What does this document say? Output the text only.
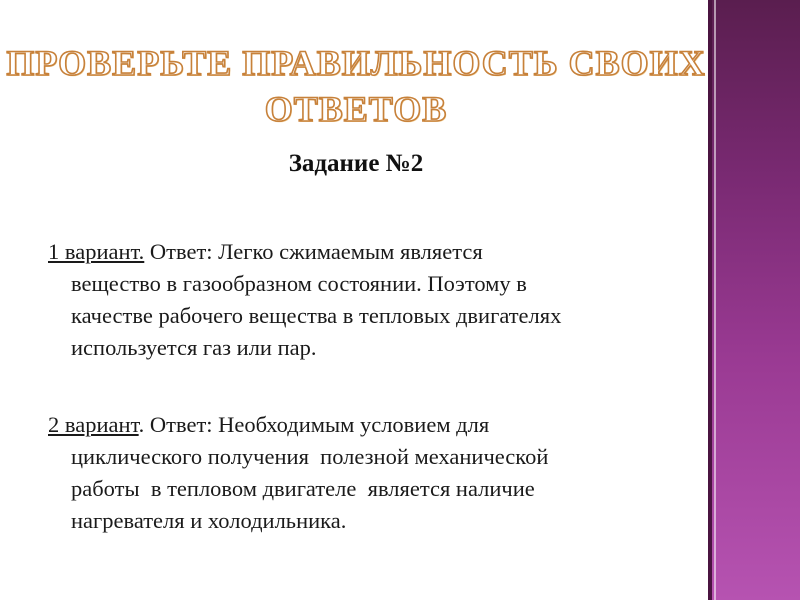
ПРОВЕРЬТЕ ПРАВИЛЬНОСТЬ СВОИХ
ОТВЕТОВ
Задание №2
1 вариант. Ответ: Легко сжимаемым является
вещество в газообразном состоянии. Поэтому в
качестве рабочего вещества в тепловых двигателях
используется газ или пар.
2 вариант. Ответ: Необходимым условием для
циклического получения  полезной механической
работы  в тепловом двигателе  является наличие
нагревателя и холодильника.
